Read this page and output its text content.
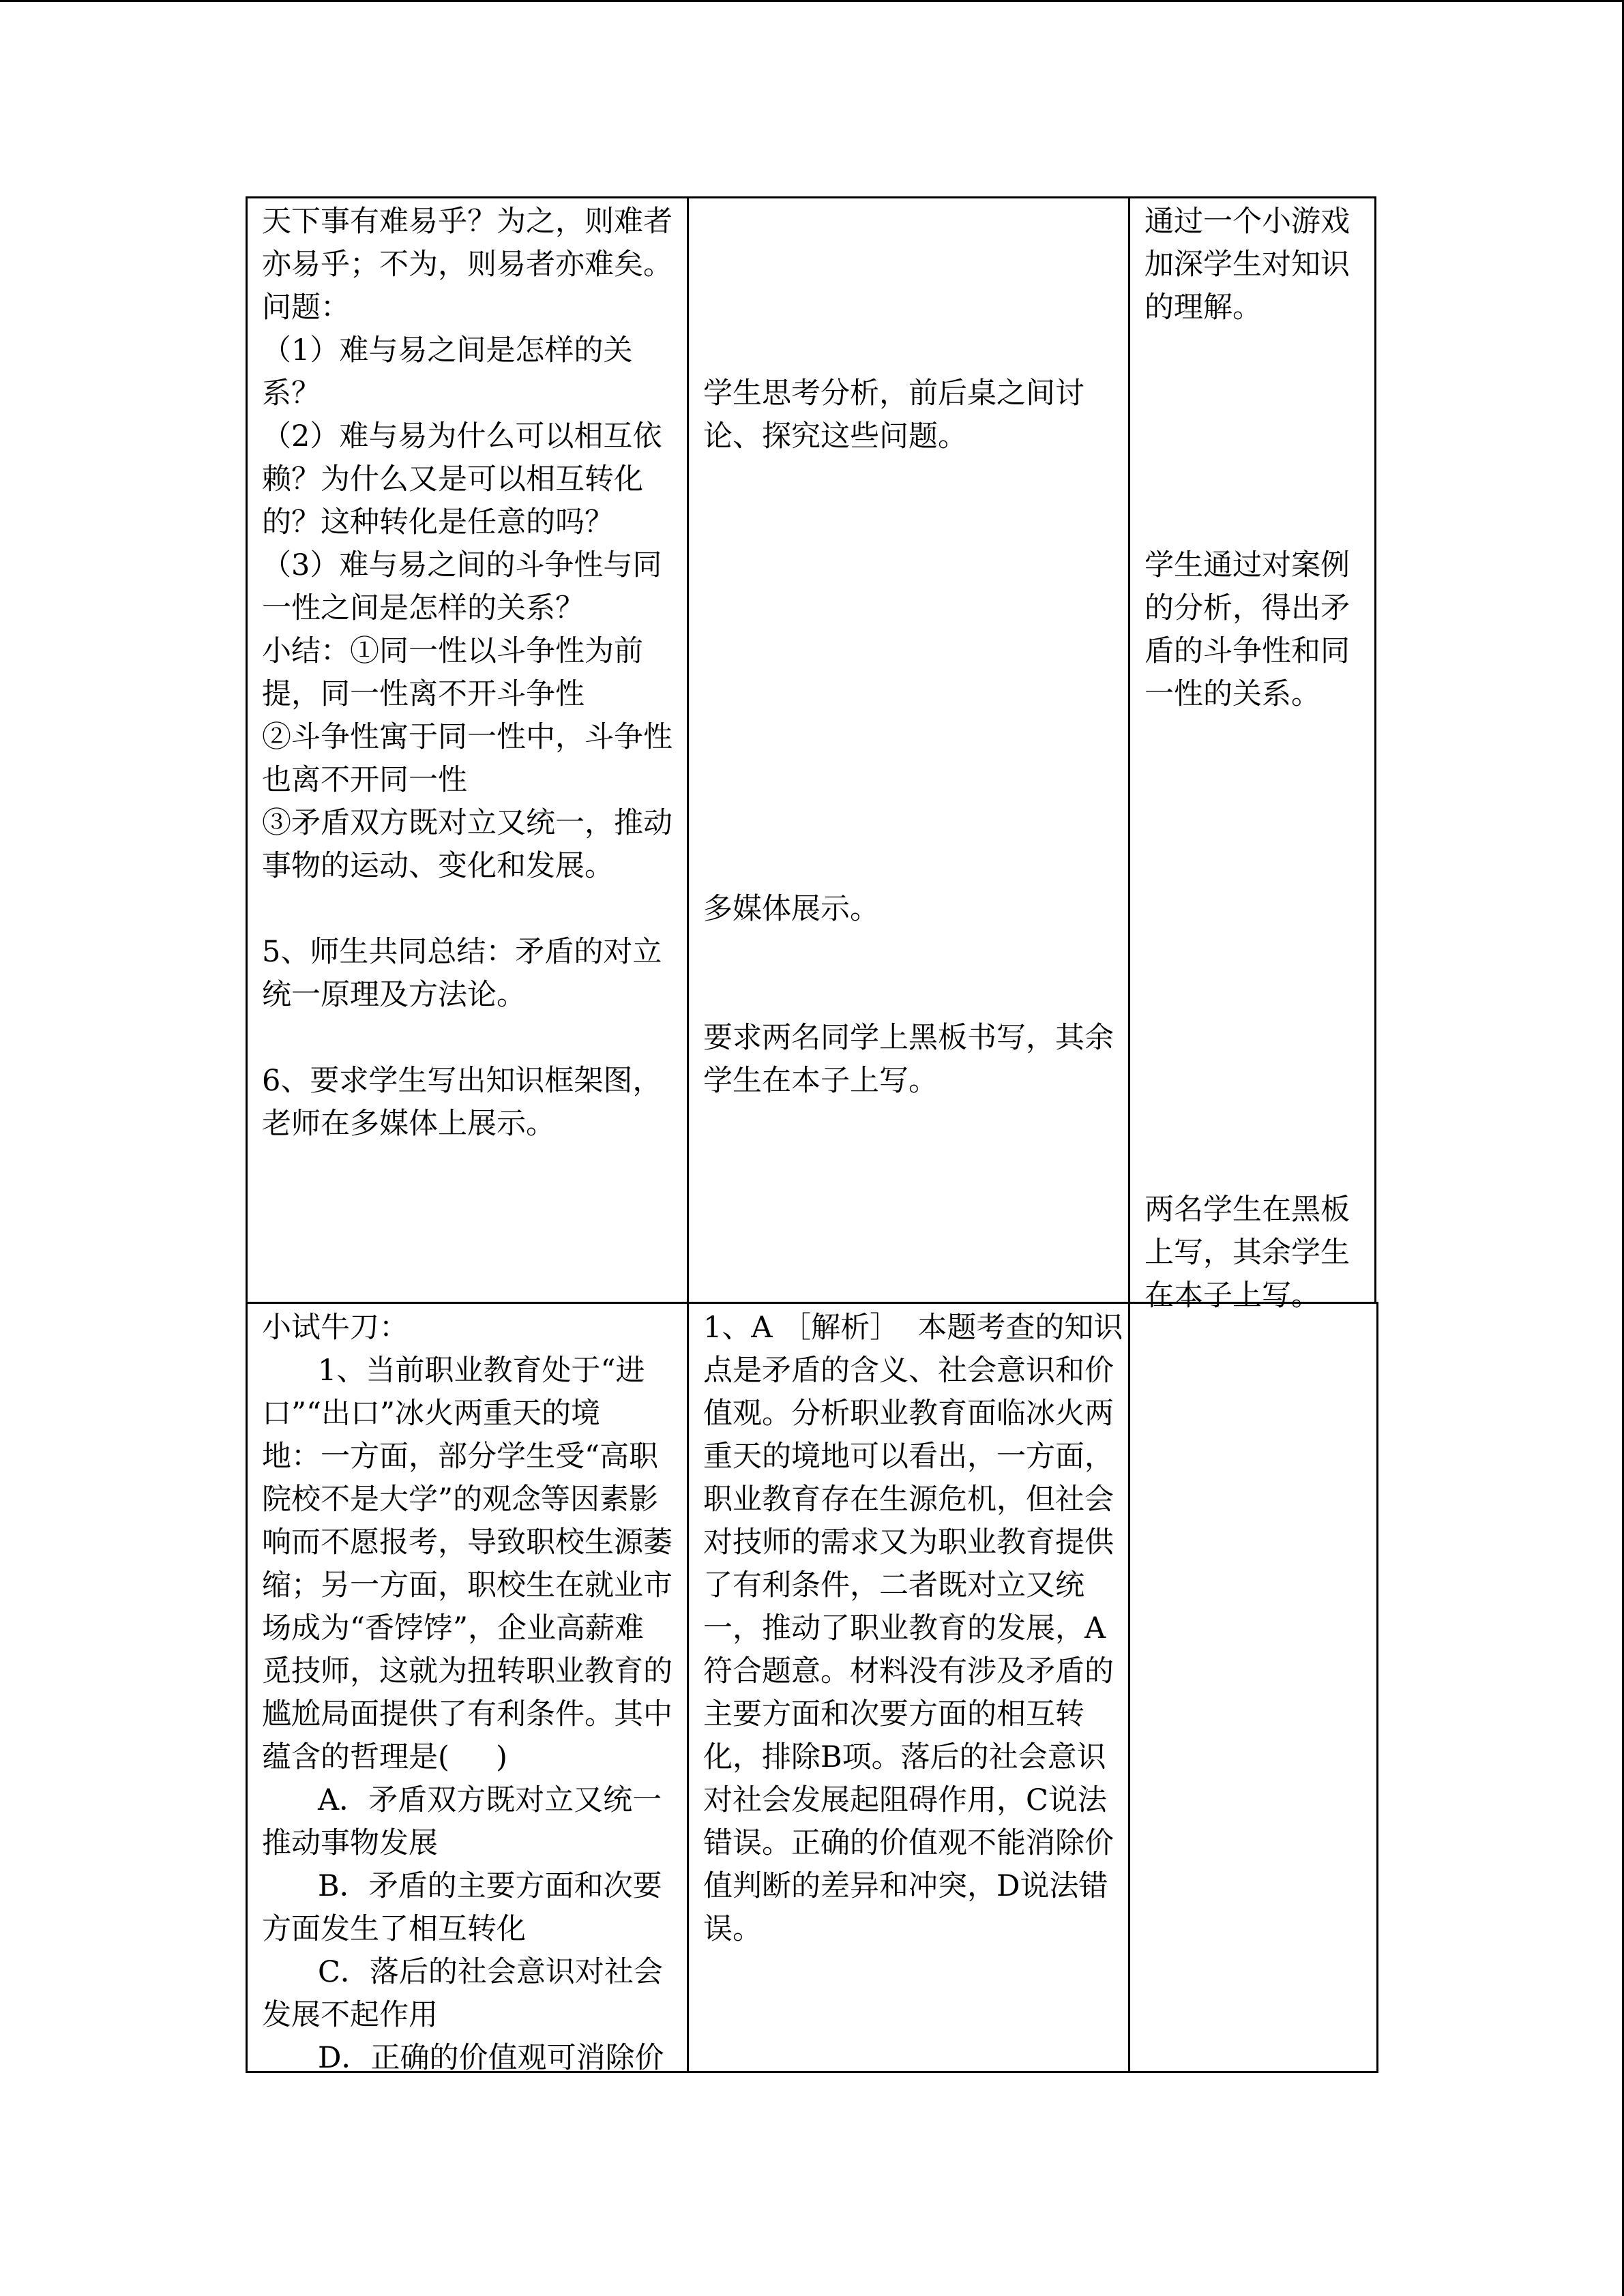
天下事有难易乎？为之，则难者

亦易乎；不为，则易者亦难矣。

问题：

（1）难与易之间是怎样的关

系？

（2）难与易为什么可以相互依

赖？为什么又是可以相互转化

的？这种转化是任意的吗？

（3）难与易之间的斗争性与同

一性之间是怎样的关系？

小结：①同一性以斗争性为前

提，同一性离不开斗争性

②斗争性寓于同一性中，斗争性

也离不开同一性

③矛盾双方既对立又统一，推动

事物的运动、变化和发展。

5、师生共同总结：矛盾的对立

统一原理及方法论。

6、要求学生写出知识框架图，

老师在多媒体上展示。

学生思考分析，前后桌之间讨

论、探究这些问题。

多媒体展示。

要求两名同学上黑板书写，其余

学生在本子上写。

通过一个小游戏

加深学生对知识

的理解。

学生通过对案例

的分析，得出矛

盾的斗争性和同

一性的关系。

两名学生在黑板

上写，其余学生

在本子上写。

小试牛刀：

1、当前职业教育处于“进

口”“出口”冰火两重天的境

地：一方面，部分学生受“高职

院校不是大学”的观念等因素影

响而不愿报考，导致职校生源萎

缩；另一方面，职校生在就业市

场成为“香饽饽”，企业高薪难

觅技师，这就为扭转职业教育的

尴尬局面提供了有利条件。其中

蕴含的哲理是(     )

A．矛盾双方既对立又统一

推动事物发展

B．矛盾的主要方面和次要

方面发生了相互转化

C．落后的社会意识对社会

发展不起作用

D．正确的价值观可消除价

1、A ［解析］  本题考查的知识

点是矛盾的含义、社会意识和价

值观。分析职业教育面临冰火两

重天的境地可以看出，一方面，

职业教育存在生源危机，但社会

对技师的需求又为职业教育提供

了有利条件，二者既对立又统

一，推动了职业教育的发展，A

符合题意。材料没有涉及矛盾的

主要方面和次要方面的相互转

化，排除B项。落后的社会意识

对社会发展起阻碍作用，C说法

错误。正确的价值观不能消除价

值判断的差异和冲突，D说法错

误。
